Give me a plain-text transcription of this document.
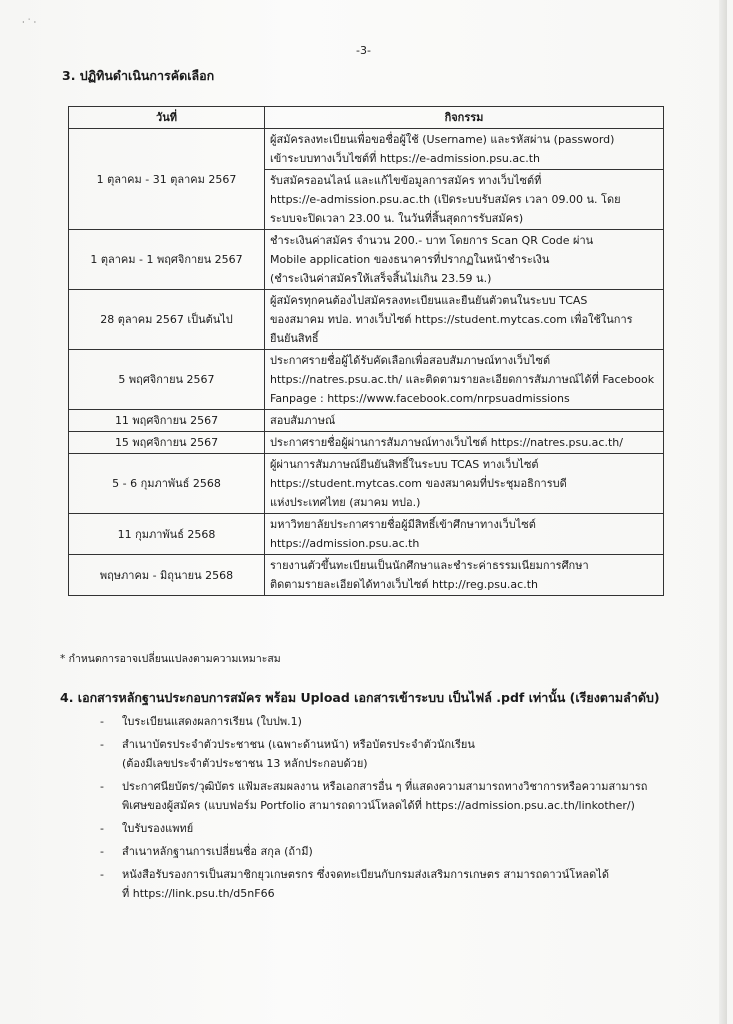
· ˙ ·
-3-
3. ปฏิทินดำเนินการคัดเลือก
วันที่	กิจกรรม
1 ตุลาคม - 31 ตุลาคม 2567	ผู้สมัครลงทะเบียนเพื่อขอชื่อผู้ใช้ (Username) และรหัสผ่าน (password)
เข้าระบบทางเว็บไซต์ที่ https://e-admission.psu.ac.th

	รับสมัครออนไลน์ และแก้ไขข้อมูลการสมัคร ทางเว็บไซต์ที่
https://e-admission.psu.ac.th (เปิดระบบรับสมัคร เวลา 09.00 น. โดย
ระบบจะปิดเวลา 23.00 น. ในวันที่สิ้นสุดการรับสมัคร)

1 ตุลาคม - 1 พฤศจิกายน 2567	ชำระเงินค่าสมัคร จำนวน 200.- บาท โดยการ Scan QR Code ผ่าน
Mobile application ของธนาคารที่ปรากฏในหน้าชำระเงิน
(ชำระเงินค่าสมัครให้เสร็จสิ้นไม่เกิน 23.59 น.)

28 ตุลาคม 2567 เป็นต้นไป	ผู้สมัครทุกคนต้องไปสมัครลงทะเบียนและยืนยันตัวตนในระบบ TCAS
ของสมาคม ทปอ. ทางเว็บไซต์ https://student.mytcas.com เพื่อใช้ในการ
ยืนยันสิทธิ์

5 พฤศจิกายน 2567	ประกาศรายชื่อผู้ได้รับคัดเลือกเพื่อสอบสัมภาษณ์ทางเว็บไซต์
https://natres.psu.ac.th/ และติดตามรายละเอียดการสัมภาษณ์ได้ที่ Facebook
Fanpage : https://www.facebook.com/nrpsuadmissions

11 พฤศจิกายน 2567	สอบสัมภาษณ์

15 พฤศจิกายน 2567	ประกาศรายชื่อผู้ผ่านการสัมภาษณ์ทางเว็บไซต์ https://natres.psu.ac.th/

5 - 6 กุมภาพันธ์ 2568	ผู้ผ่านการสัมภาษณ์ยืนยันสิทธิ์ในระบบ TCAS ทางเว็บไซต์
https://student.mytcas.com ของสมาคมที่ประชุมอธิการบดี
แห่งประเทศไทย (สมาคม ทปอ.)

11 กุมภาพันธ์ 2568	มหาวิทยาลัยประกาศรายชื่อผู้มีสิทธิ์เข้าศึกษาทางเว็บไซต์
https://admission.psu.ac.th

พฤษภาคม - มิถุนายน 2568	รายงานตัวขึ้นทะเบียนเป็นนักศึกษาและชำระค่าธรรมเนียมการศึกษา
ติดตามรายละเอียดได้ทางเว็บไซต์ http://reg.psu.ac.th
* กำหนดการอาจเปลี่ยนแปลงตามความเหมาะสม
4. เอกสารหลักฐานประกอบการสมัคร พร้อม Upload เอกสารเข้าระบบ เป็นไฟล์ .pdf เท่านั้น (เรียงตามลำดับ)
- ใบระเบียนแสดงผลการเรียน (ใบปพ.1)
- สำเนาบัตรประจำตัวประชาชน (เฉพาะด้านหน้า) หรือบัตรประจำตัวนักเรียน
(ต้องมีเลขประจำตัวประชาชน 13 หลักประกอบด้วย)
- ประกาศนียบัตร/วุฒิบัตร แฟ้มสะสมผลงาน หรือเอกสารอื่น ๆ ที่แสดงความสามารถทางวิชาการหรือความสามารถ
พิเศษของผู้สมัคร (แบบฟอร์ม Portfolio สามารถดาวน์โหลดได้ที่ https://admission.psu.ac.th/linkother/)
- ใบรับรองแพทย์
- สำเนาหลักฐานการเปลี่ยนชื่อ สกุล (ถ้ามี)
- หนังสือรับรองการเป็นสมาชิกยุวเกษตรกร ซึ่งจดทะเบียนกับกรมส่งเสริมการเกษตร สามารถดาวน์โหลดได้
ที่ https://link.psu.th/d5nF66
